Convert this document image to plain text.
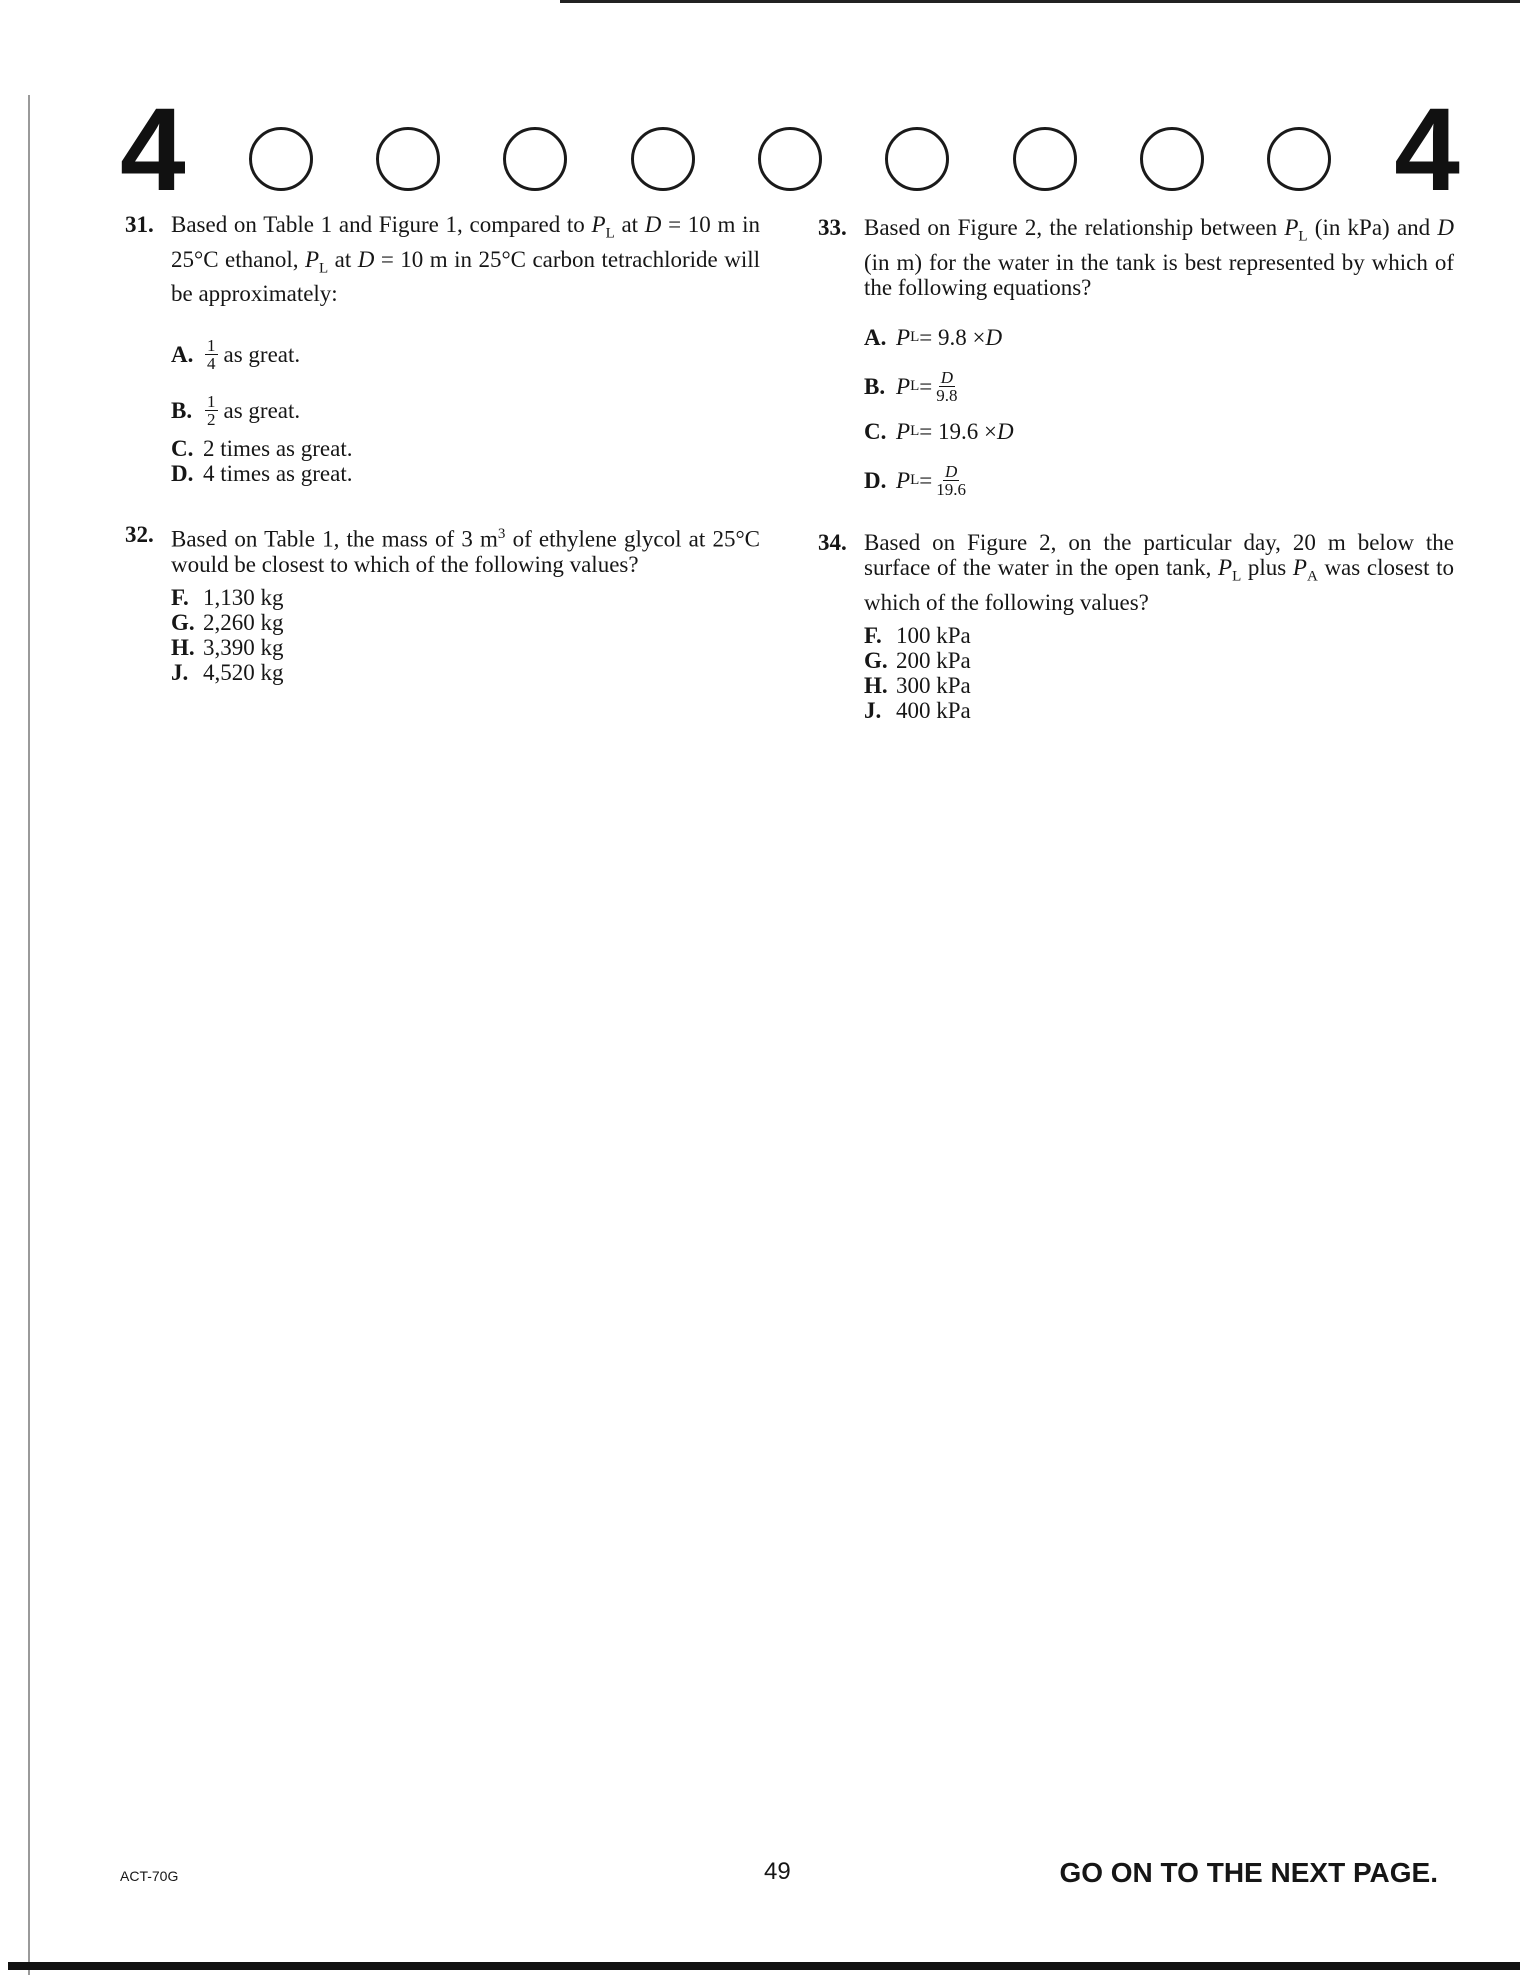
4	4
31. Based on Table 1 and Figure 1, compared to $P_L$ at D = 10 m in 25°C ethanol, $P_L$ at D = 10 m in 25°C carbon tetrachloride will be approximately:
A. $\frac{1}{4}$ as great.
B. $\frac{1}{2}$ as great.
C. 2 times as great.
D. 4 times as great.
32. Based on Table 1, the mass of 3 $m^3$ of ethylene glycol at 25°C would be closest to which of the following values?
F. 1,130 kg
G. 2,260 kg
H. 3,390 kg
J. 4,520 kg
33. Based on Figure 2, the relationship between $P_L$ (in kPa) and D (in m) for the water in the tank is best represented by which of the following equations?
A. P L = 9.8 × D
B. P $L = \frac{D}{9.8}$
C. P L = 19.6 × D
D. P $L = \frac{D}{19.6}$
34. Based on Figure 2, on the particular day, 20 m below the surface of the water in the open tank, $P_L$ plus $P_A$ was closest to which of the following values?
F. 100 kPa
G. 200 kPa
H. 300 kPa
J. 400 kPa
ACT-70G	49	GO ON TO THE NEXT PAGE.
